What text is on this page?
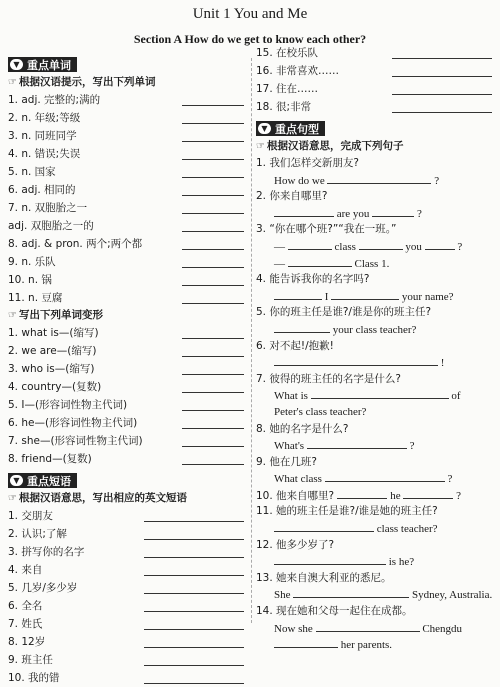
Unit 1 You and Me
Section A How do we get to know each other?
▼ 重点单词
☞ 根据汉语提示，写出下列单词
1. adj. 完整的;满的
2. n. 年级;等级
3. n. 同班同学
4. n. 错误;失误
5. n. 国家
6. adj. 相同的
7. n. 双胞胎之一
adj. 双胞胎之一的
8. adj. & pron. 两个;两个都
9. n. 乐队
10. n. 锅
11. n. 豆腐
☞ 写出下列单词变形
1. what is—(缩写)
2. we are—(缩写)
3. who is—(缩写)
4. country—(复数)
5. I—(形容词性物主代词)
6. he—(形容词性物主代词)
7. she—(形容词性物主代词)
8. friend—(复数)
▼ 重点短语
☞ 根据汉语意思，写出相应的英文短语
1. 交朋友
2. 认识;了解
3. 拼写你的名字
4. 来自
5. 几岁/多少岁
6. 全名
7. 姓氏
8. 12岁
9. 班主任
10. 我的错
15. 在校乐队
16. 非常喜欢……
17. 住在……
18. 很;非常
▼ 重点句型
☞ 根据汉语意思，完成下列句子
1. 我们怎样交新朋友?
How do we	?
2. 你来自哪里?
are you	?
3. “你在哪个班?”“我在一班。”
—	class	you	?
—	Class 1.
4. 能告诉我你的名字吗?
I	your name?
5. 你的班主任是谁?/谁是你的班主任?
your class teacher?
6. 对不起!/抱歉!
!
7. 彼得的班主任的名字是什么?
What is	of
Peter's class teacher?
8. 她的名字是什么?
What's	?
9. 他在几班?
What class	?
10. 他来自哪里?	he	?
11. 她的班主任是谁?/谁是她的班主任?
class teacher?
12. 他多少岁了?
is he?
13. 她来自澳大利亚的悉尼。
She	Sydney, Australia.
14. 现在她和父母一起住在成都。
Now she	Chengdu
her parents.
